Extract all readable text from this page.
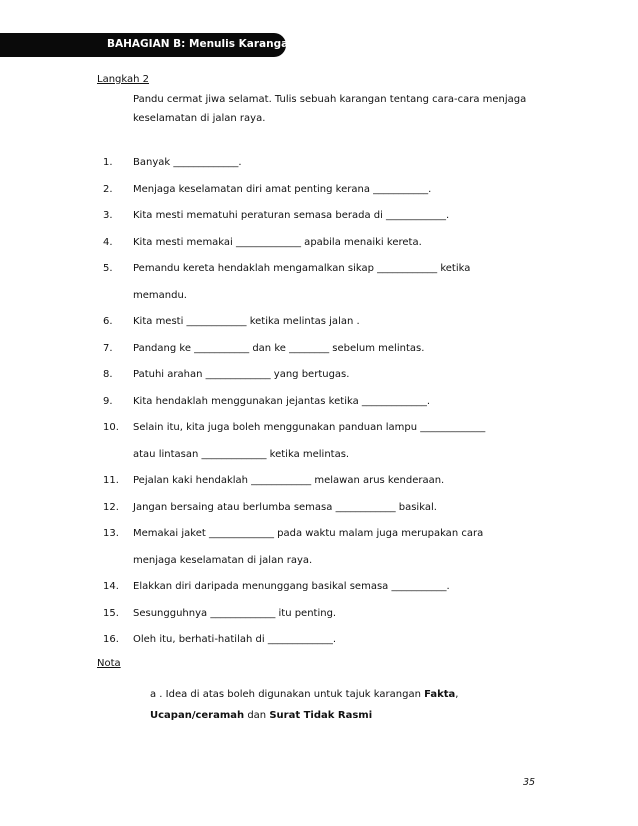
BAHAGIAN B: Menulis Karangan
Langkah 2
Pandu cermat jiwa selamat. Tulis sebuah karangan tentang cara-cara menjaga keselamatan di jalan raya.
1. Banyak _____________.
2. Menjaga keselamatan diri amat penting kerana ___________.
3. Kita mesti mematuhi peraturan semasa berada di ____________.
4. Kita mesti memakai _____________ apabila menaiki kereta.
5. Pemandu kereta hendaklah mengamalkan sikap ____________ ketika
memandu.
6. Kita mesti ____________ ketika melintas jalan .
7. Pandang ke ___________ dan ke ________ sebelum melintas.
8. Patuhi arahan _____________ yang bertugas.
9. Kita hendaklah menggunakan jejantas ketika _____________.
10. Selain itu, kita juga boleh menggunakan panduan lampu _____________
atau lintasan _____________ ketika melintas.
11. Pejalan kaki hendaklah ____________ melawan arus kenderaan.
12. Jangan bersaing atau berlumba semasa ____________ basikal.
13. Memakai jaket _____________ pada waktu malam juga merupakan cara
menjaga keselamatan di jalan raya.
14. Elakkan diri daripada menunggang basikal semasa ___________.
15. Sesungguhnya _____________ itu penting.
16. Oleh itu, berhati-hatilah di _____________.
Nota
a . Idea di atas boleh digunakan untuk tajuk karangan Fakta,
Ucapan/ceramah dan Surat Tidak Rasmi
35
